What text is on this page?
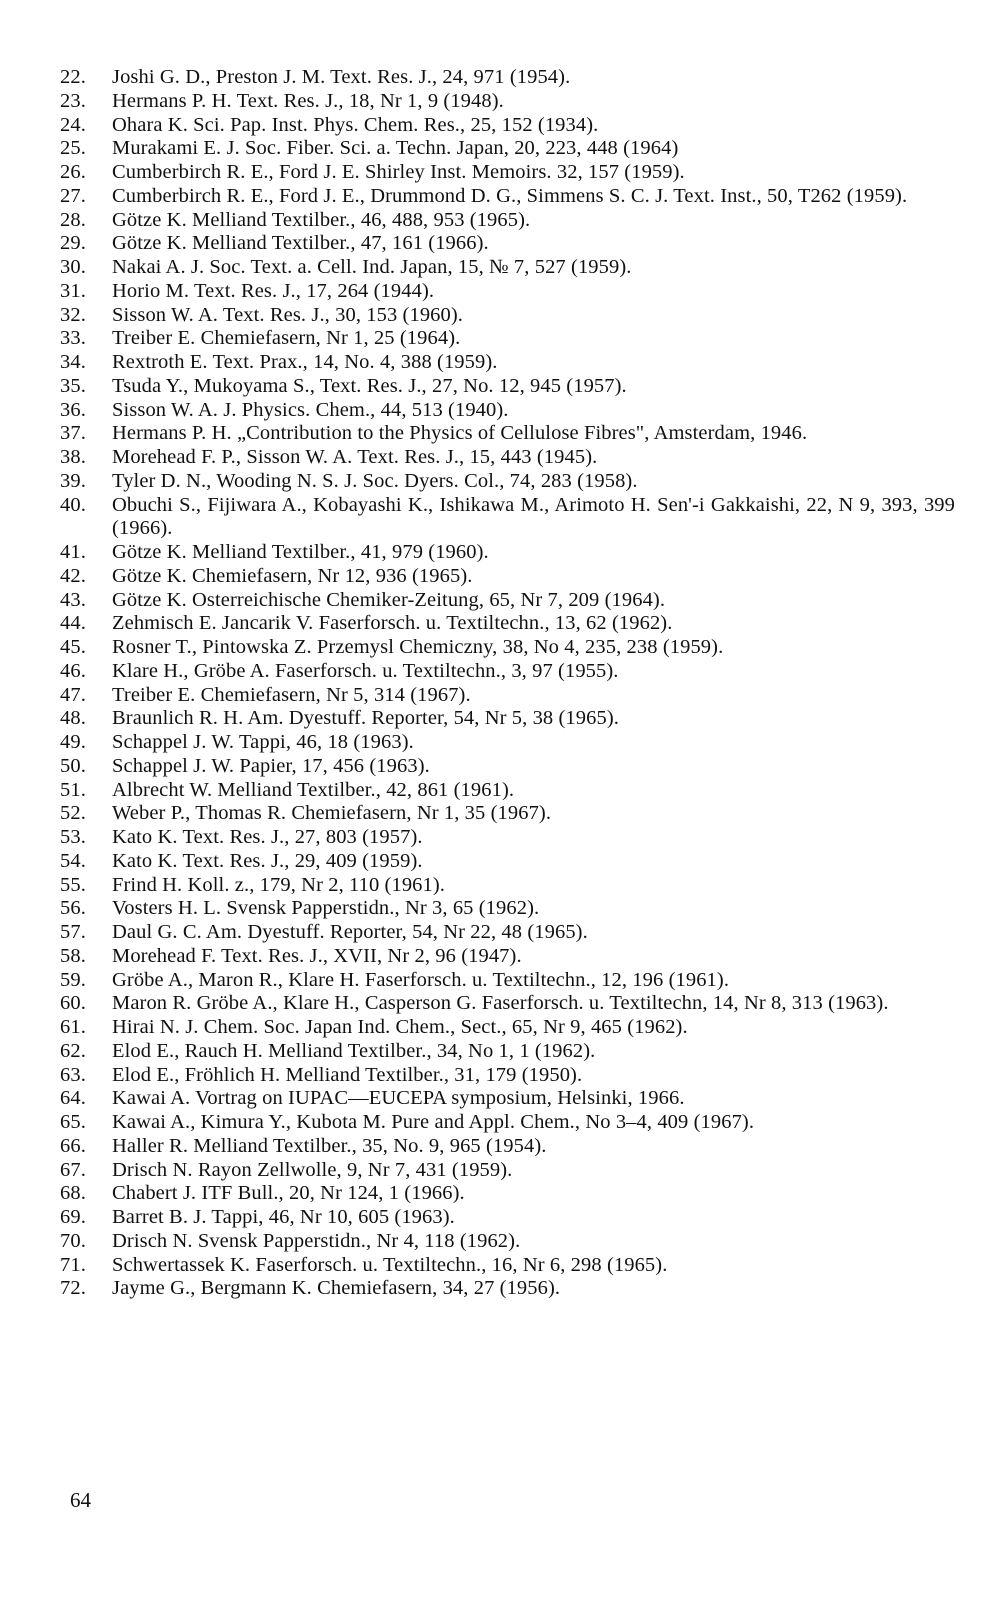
22.	Joshi G. D., Preston J. M. Text. Res. J., 24, 971 (1954).
23.	Hermans P. H. Text. Res. J., 18, Nr 1, 9 (1948).
24.	Ohara K. Sci. Pap. Inst. Phys. Chem. Res., 25, 152 (1934).
25.	Murakami E. J. Soc. Fiber. Sci. a. Techn. Japan, 20, 223, 448 (1964)
26.	Cumberbirch R. E., Ford J. E. Shirley Inst. Memoirs. 32, 157 (1959).
27.	Cumberbirch R. E., Ford J. E., Drummond D. G., Simmens S. C. J. Text. Inst., 50, T262 (1959).
28.	Götze K. Melliand Textilber., 46, 488, 953 (1965).
29.	Götze K. Melliand Textilber., 47, 161 (1966).
30.	Nakai A. J. Soc. Text. a. Cell. Ind. Japan, 15, № 7, 527 (1959).
31.	Horio M. Text. Res. J., 17, 264 (1944).
32.	Sisson W. A. Text. Res. J., 30, 153 (1960).
33.	Treiber E. Chemiefasern, Nr 1, 25 (1964).
34.	Rextroth E. Text. Prax., 14, No. 4, 388 (1959).
35.	Tsuda Y., Mukoyama S., Text. Res. J., 27, No. 12, 945 (1957).
36.	Sisson W. A. J. Physics. Chem., 44, 513 (1940).
37.	Hermans P. H. „Contribution to the Physics of Cellulose Fibres", Amsterdam, 1946.
38.	Morehead F. P., Sisson W. A. Text. Res. J., 15, 443 (1945).
39.	Tyler D. N., Wooding N. S. J. Soc. Dyers. Col., 74, 283 (1958).
40.	Obuchi S., Fijiwara A., Kobayashi K., Ishikawa M., Arimoto H. Sen'-i Gakkaishi, 22, N 9, 393, 399 (1966).
41.	Götze K. Melliand Textilber., 41, 979 (1960).
42.	Götze K. Chemiefasern, Nr 12, 936 (1965).
43.	Götze K. Osterreichische Chemiker-Zeitung, 65, Nr 7, 209 (1964).
44.	Zehmisch E. Jancarik V. Faserforsch. u. Textiltechn., 13, 62 (1962).
45.	Rosner T., Pintowska Z. Przemysl Chemiczny, 38, No 4, 235, 238 (1959).
46.	Klare H., Gröbe A. Faserforsch. u. Textiltechn., 3, 97 (1955).
47.	Treiber E. Chemiefasern, Nr 5, 314 (1967).
48.	Braunlich R. H. Am. Dyestuff. Reporter, 54, Nr 5, 38 (1965).
49.	Schappel J. W. Tappi, 46, 18 (1963).
50.	Schappel J. W. Papier, 17, 456 (1963).
51.	Albrecht W. Melliand Textilber., 42, 861 (1961).
52.	Weber P., Thomas R. Chemiefasern, Nr 1, 35 (1967).
53.	Kato K. Text. Res. J., 27, 803 (1957).
54.	Kato K. Text. Res. J., 29, 409 (1959).
55.	Frind H. Koll. z., 179, Nr 2, 110 (1961).
56.	Vosters H. L. Svensk Papperstidn., Nr 3, 65 (1962).
57.	Daul G. C. Am. Dyestuff. Reporter, 54, Nr 22, 48 (1965).
58.	Morehead F. Text. Res. J., XVII, Nr 2, 96 (1947).
59.	Gröbe A., Maron R., Klare H. Faserforsch. u. Textiltechn., 12, 196 (1961).
60.	Maron R. Gröbe A., Klare H., Casperson G. Faserforsch. u. Textiltechn, 14, Nr 8, 313 (1963).
61.	Hirai N. J. Chem. Soc. Japan Ind. Chem., Sect., 65, Nr 9, 465 (1962).
62.	Elod E., Rauch H. Melliand Textilber., 34, No 1, 1 (1962).
63.	Elod E., Fröhlich H. Melliand Textilber., 31, 179 (1950).
64.	Kawai A. Vortrag on IUPAC—EUCEPA symposium, Helsinki, 1966.
65.	Kawai A., Kimura Y., Kubota M. Pure and Appl. Chem., No 3–4, 409 (1967).
66.	Haller R. Melliand Textilber., 35, No. 9, 965 (1954).
67.	Drisch N. Rayon Zellwolle, 9, Nr 7, 431 (1959).
68.	Chabert J. ITF Bull., 20, Nr 124, 1 (1966).
69.	Barret B. J. Tappi, 46, Nr 10, 605 (1963).
70.	Drisch N. Svensk Papperstidn., Nr 4, 118 (1962).
71.	Schwertassek K. Faserforsch. u. Textiltechn., 16, Nr 6, 298 (1965).
72.	Jayme G., Bergmann K. Chemiefasern, 34, 27 (1956).
64
